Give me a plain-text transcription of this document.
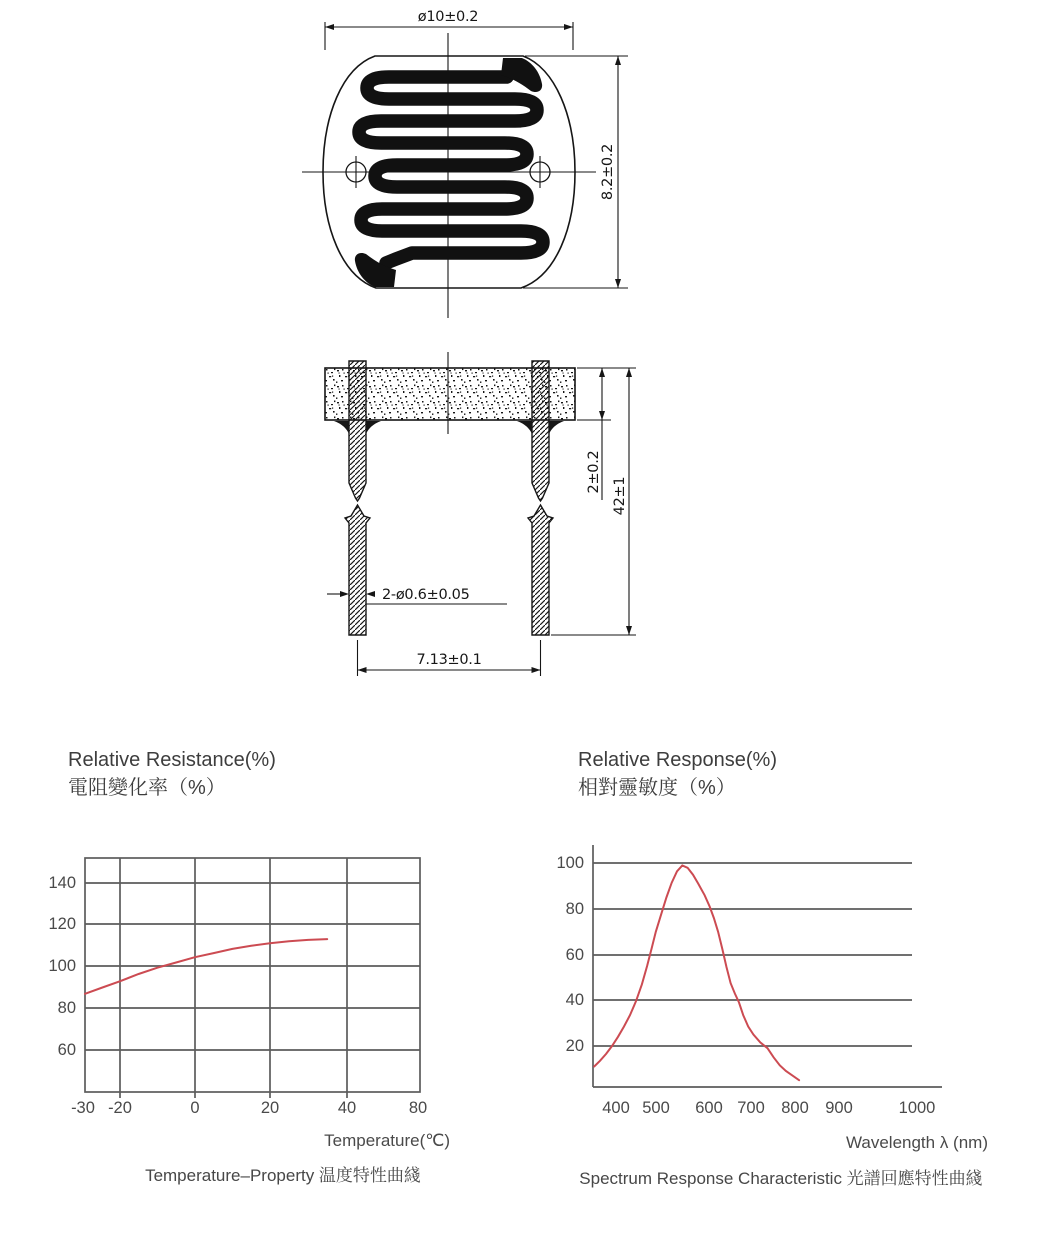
ø10±0.2
8.2±0.2
2±0.2
42±1
2-ø0.6±0.05
7.13±0.1
Relative Resistance(%)
電阻變化率（%）
140
120
100
80
60
-30 -20	0	20	40	80
Temperature(℃)
Temperature–Property 温度特性曲綫
Relative Response(%)
相對靈敏度（%）
100
80
60
40
20
400 500 600 700 800 900	1000
Wavelength λ (nm)
Spectrum Response Characteristic 光譜回應特性曲綫
